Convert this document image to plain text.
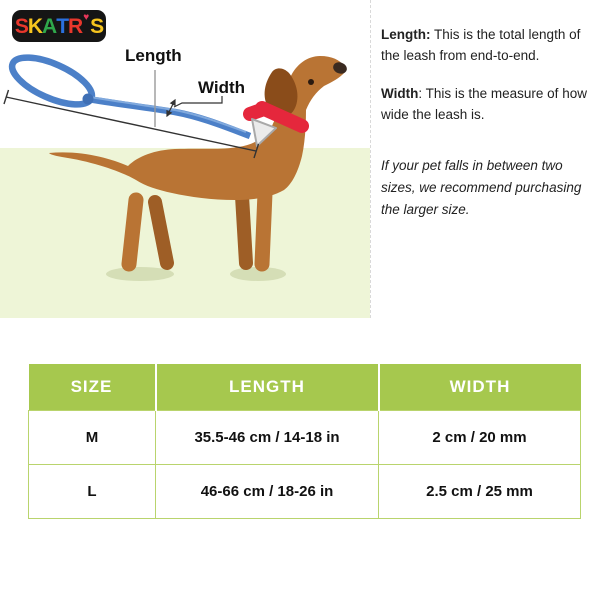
S K A T R ♥ S
Length
Width

Length: This is the total length of the leash from end-to-end.

Width: This is the measure of how wide the leash is.

If your pet falls in between two sizes, we recommend purchasing the larger size.

SIZE	LENGTH	WIDTH
M	35.5-46 cm / 14-18 in	2 cm / 20 mm
L	46-66 cm / 18-26 in	2.5 cm / 25 mm
